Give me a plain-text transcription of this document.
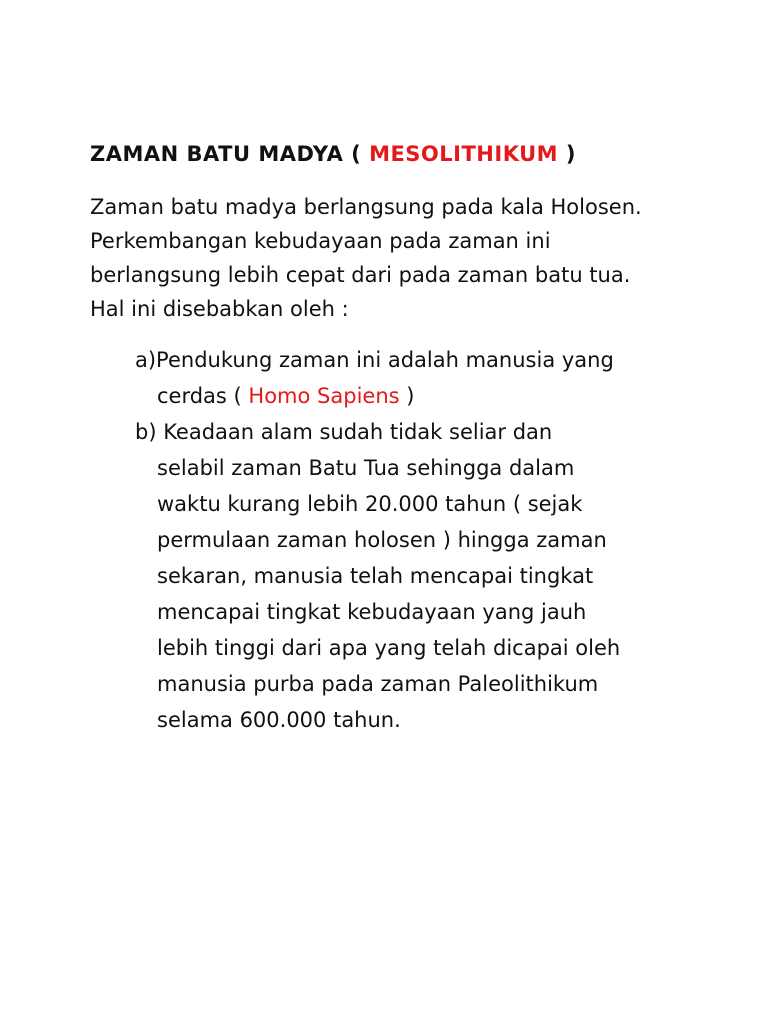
ZAMAN BATU MADYA ( MESOLITHIKUM )

Zaman batu madya berlangsung pada kala Holosen.
Perkembangan kebudayaan pada zaman ini
berlangsung lebih cepat dari pada zaman batu tua.
Hal ini disebabkan oleh :

a)Pendukung zaman ini adalah manusia yang
cerdas ( Homo Sapiens )
b) Keadaan alam sudah tidak seliar dan
selabil zaman Batu Tua sehingga dalam
waktu kurang lebih 20.000 tahun ( sejak
permulaan zaman holosen ) hingga zaman
sekaran, manusia telah mencapai tingkat
mencapai tingkat kebudayaan yang jauh
lebih tinggi dari apa yang telah dicapai oleh
manusia purba pada zaman Paleolithikum
selama 600.000 tahun.
